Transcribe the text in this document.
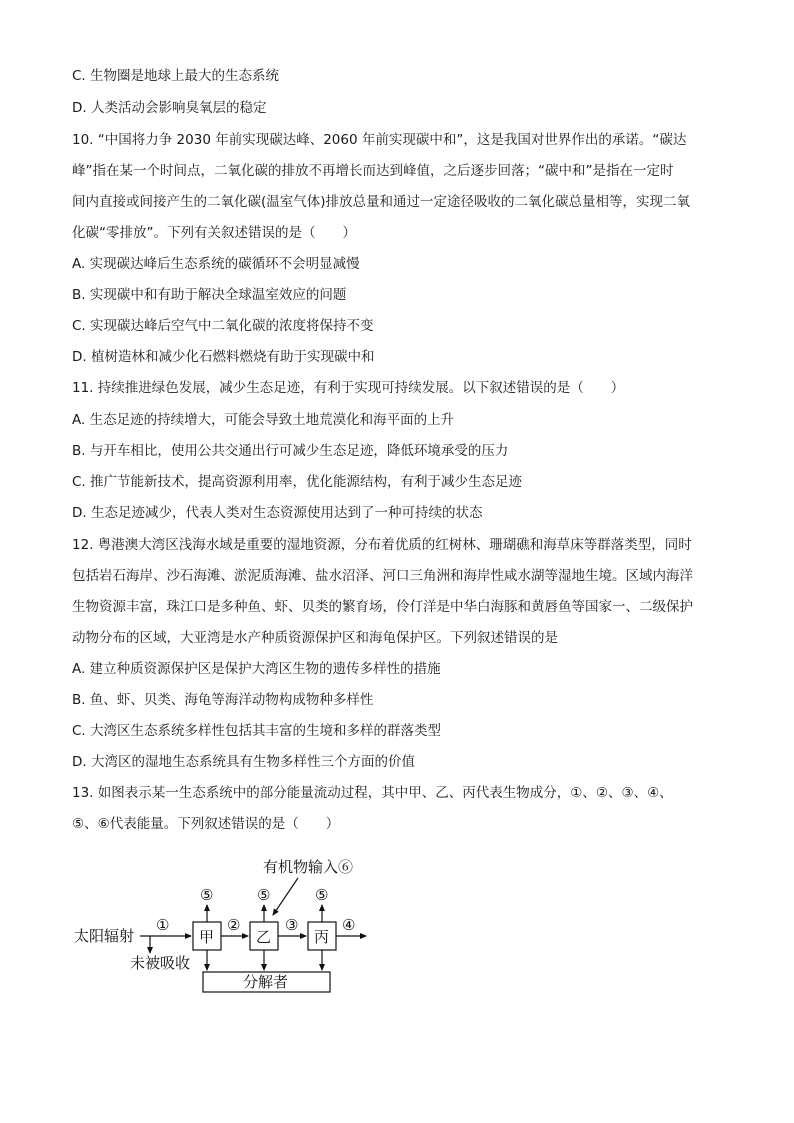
C. 生物圈是地球上最大的生态系统
D. 人类活动会影响臭氧层的稳定
10. “中国将力争 2030 年前实现碳达峰、2060 年前实现碳中和”，这是我国对世界作出的承诺。“碳达
峰”指在某一个时间点，二氧化碳的排放不再增长而达到峰值，之后逐步回落；“碳中和”是指在一定时
间内直接或间接产生的二氧化碳(温室气体)排放总量和通过一定途径吸收的二氧化碳总量相等，实现二氧
化碳“零排放”。下列有关叙述错误的是（　　）
A. 实现碳达峰后生态系统的碳循环不会明显减慢
B. 实现碳中和有助于解决全球温室效应的问题
C. 实现碳达峰后空气中二氧化碳的浓度将保持不变
D. 植树造林和减少化石燃料燃烧有助于实现碳中和
11. 持续推进绿色发展，减少生态足迹，有利于实现可持续发展。以下叙述错误的是（　　）
A. 生态足迹的持续增大，可能会导致土地荒漠化和海平面的上升
B. 与开车相比，使用公共交通出行可减少生态足迹，降低环境承受的压力
C. 推广节能新技术，提高资源利用率，优化能源结构，有利于减少生态足迹
D. 生态足迹减少，代表人类对生态资源使用达到了一种可持续的状态
12. 粤港澳大湾区浅海水域是重要的湿地资源，分布着优质的红树林、珊瑚礁和海草床等群落类型，同时
包括岩石海岸、沙石海滩、淤泥质海滩、盐水沼泽、河口三角洲和海岸性咸水湖等湿地生境。区域内海洋
生物资源丰富，珠江口是多种鱼、虾、贝类的繁育场，伶仃洋是中华白海豚和黄唇鱼等国家一、二级保护
动物分布的区域，大亚湾是水产种质资源保护区和海龟保护区。下列叙述错误的是
A. 建立种质资源保护区是保护大湾区生物的遗传多样性的措施
B. 鱼、虾、贝类、海龟等海洋动物构成物种多样性
C. 大湾区生态系统多样性包括其丰富的生境和多样的群落类型
D. 大湾区的湿地生态系统具有生物多样性三个方面的价值
13. 如图表示某一生态系统中的部分能量流动过程，其中甲、乙、丙代表生物成分，①、②、③、④、
⑤、⑥代表能量。下列叙述错误的是（　　）
有机物输入⑥
⑤	⑤	⑤
太阳辐射
①
未被吸收
甲	乙	丙
②	③	④
分解者
